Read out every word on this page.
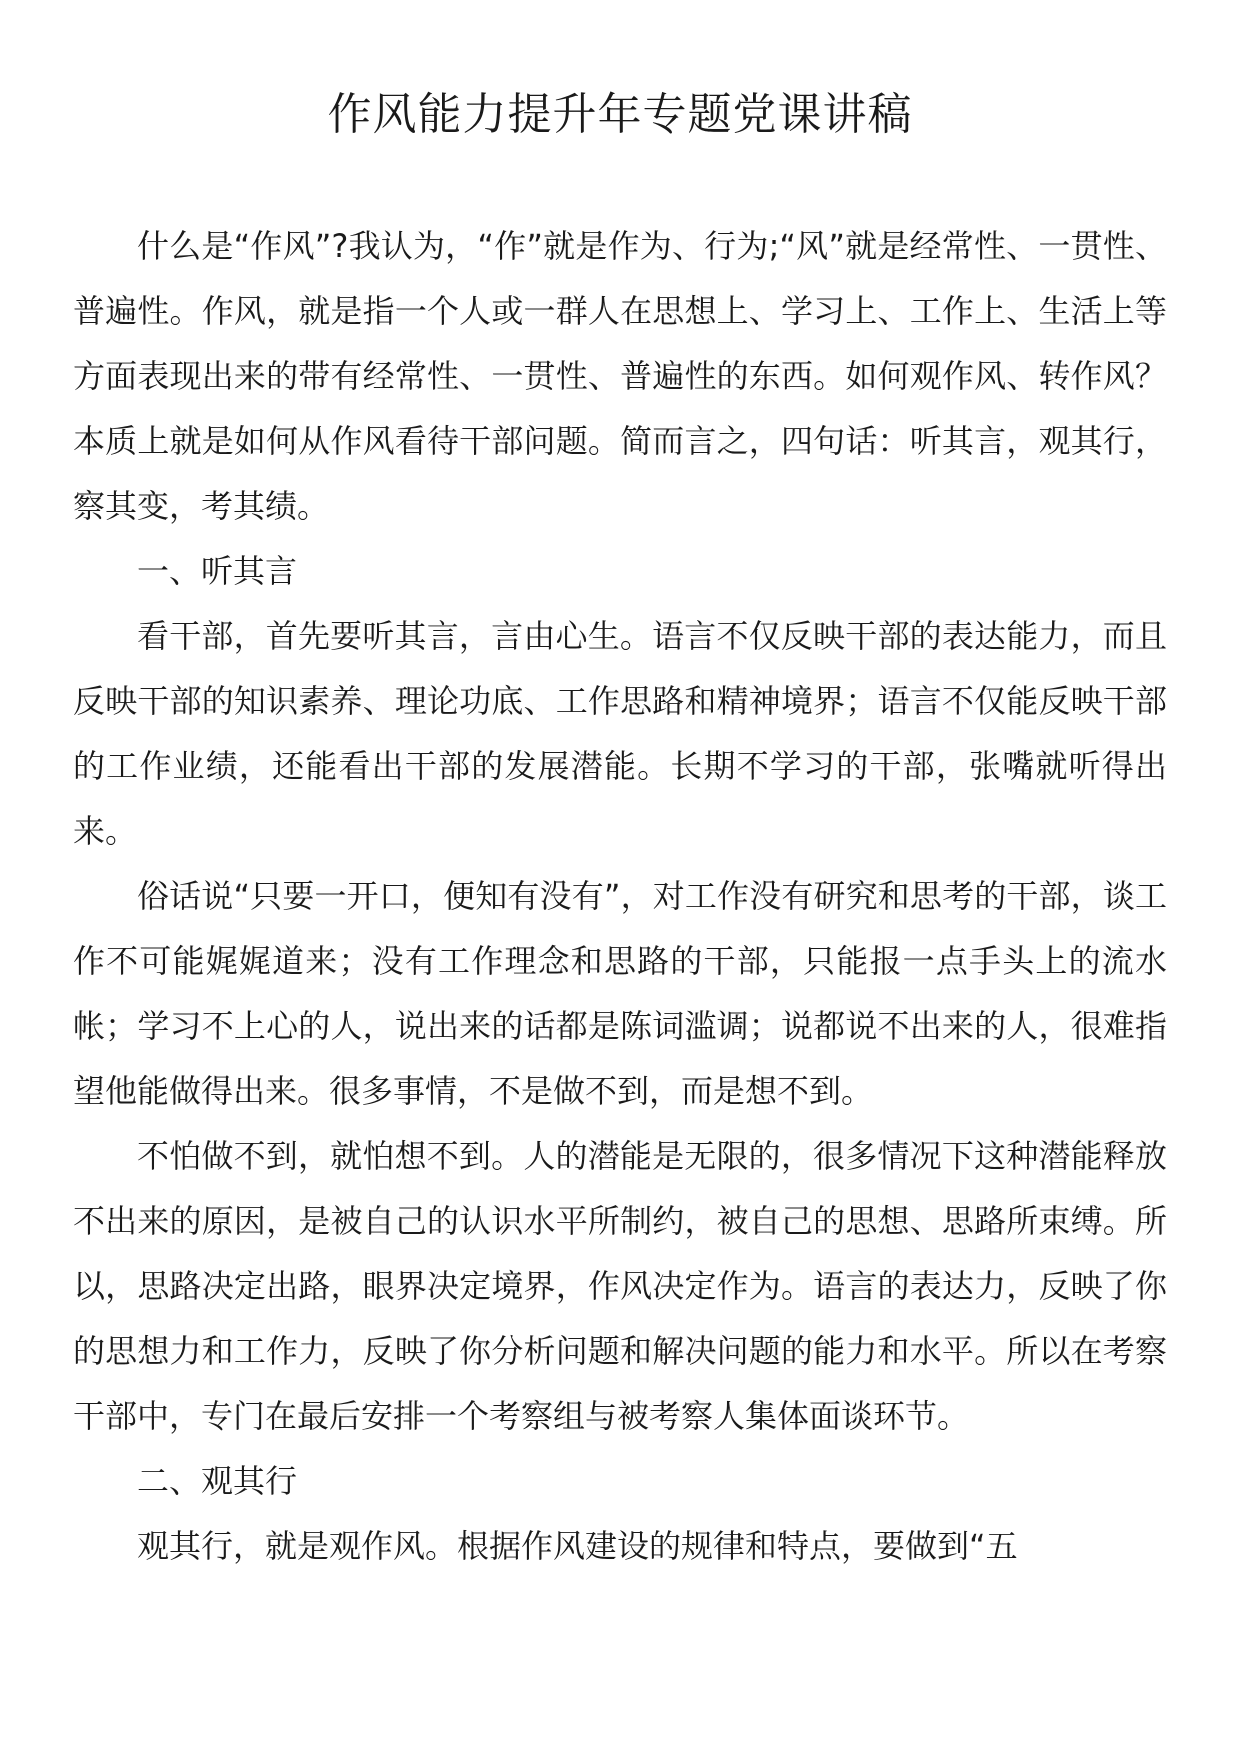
作风能力提升年专题党课讲稿

什么是“作风”?我认为，“作”就是作为、行为;“风”就是经常性、一贯性、普遍性。作风，就是指一个人或一群人在思想上、学习上、工作上、生活上等方面表现出来的带有经常性、一贯性、普遍性的东西。如何观作风、转作风？本质上就是如何从作风看待干部问题。简而言之，四句话：听其言，观其行，察其变，考其绩。

一、听其言

看干部，首先要听其言，言由心生。语言不仅反映干部的表达能力，而且反映干部的知识素养、理论功底、工作思路和精神境界；语言不仅能反映干部的工作业绩，还能看出干部的发展潜能。长期不学习的干部，张嘴就听得出来。

俗话说“只要一开口，便知有没有”，对工作没有研究和思考的干部，谈工作不可能娓娓道来；没有工作理念和思路的干部，只能报一点手头上的流水帐；学习不上心的人，说出来的话都是陈词滥调；说都说不出来的人，很难指望他能做得出来。很多事情，不是做不到，而是想不到。

不怕做不到，就怕想不到。人的潜能是无限的，很多情况下这种潜能释放不出来的原因，是被自己的认识水平所制约，被自己的思想、思路所束缚。所以，思路决定出路，眼界决定境界，作风决定作为。语言的表达力，反映了你的思想力和工作力，反映了你分析问题和解决问题的能力和水平。所以在考察干部中，专门在最后安排一个考察组与被考察人集体面谈环节。

二、观其行

观其行，就是观作风。根据作风建设的规律和特点，要做到“五
